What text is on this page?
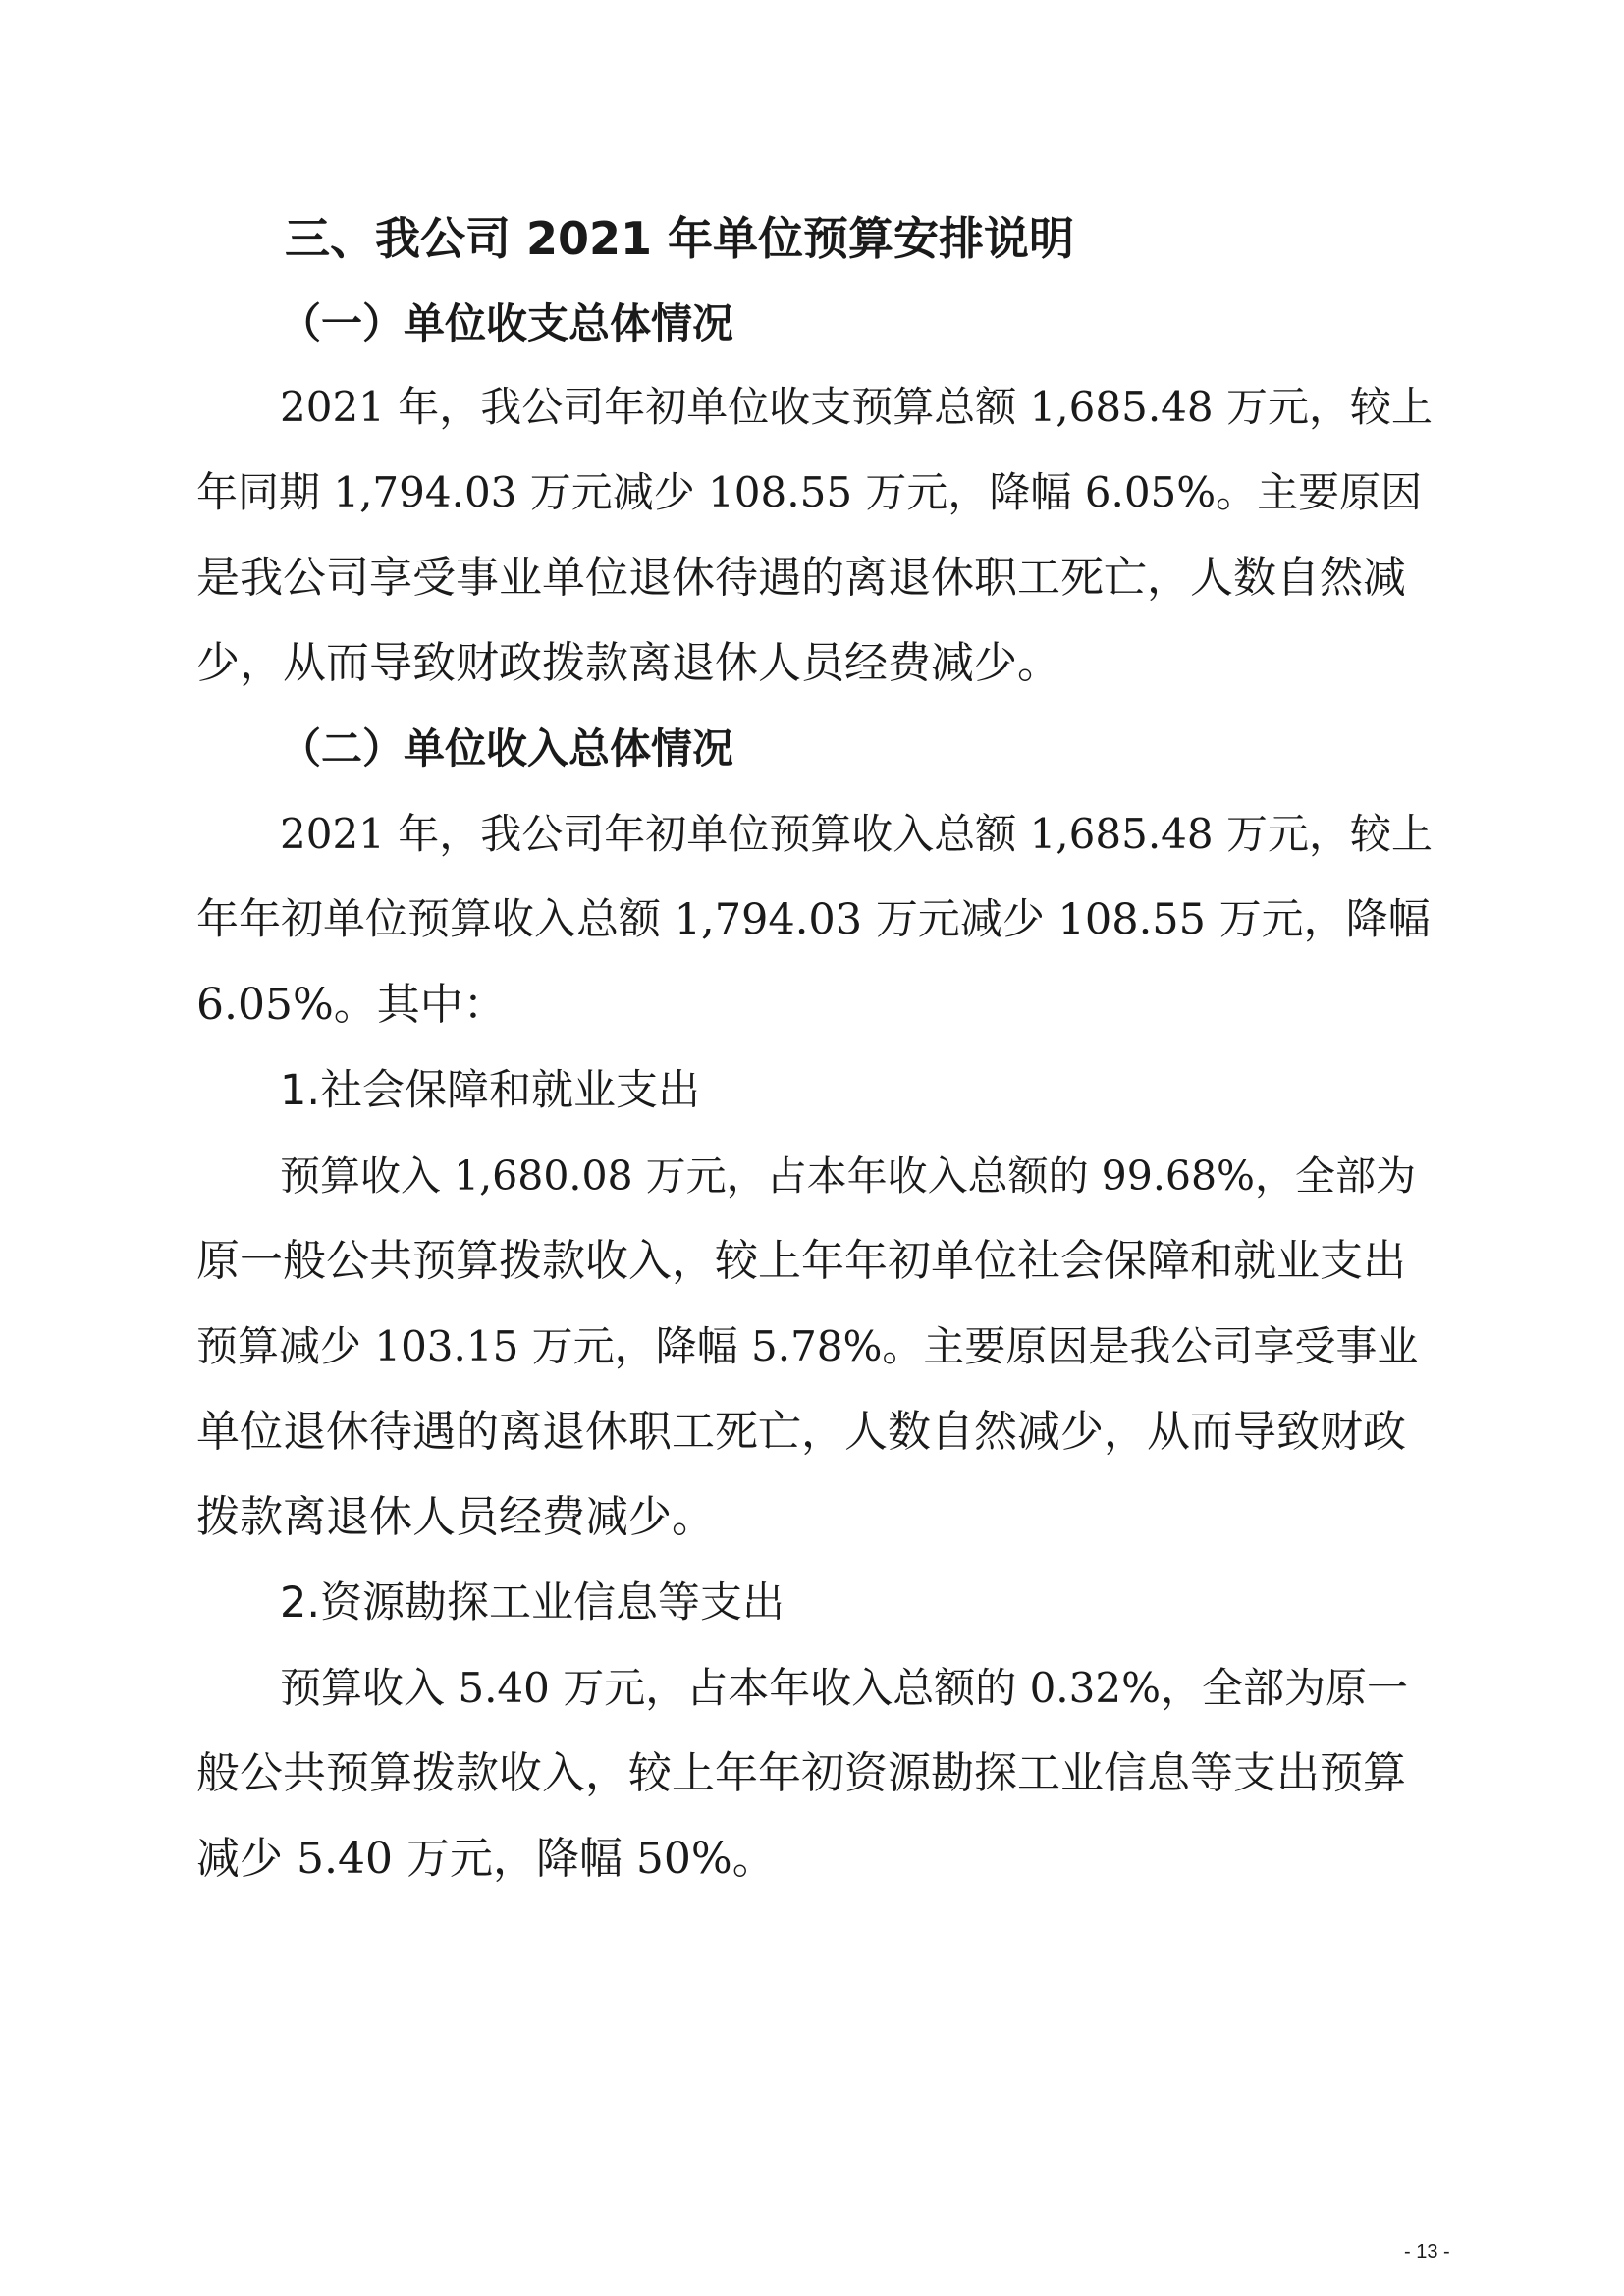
三、我公司 2021 年单位预算安排说明
（一）单位收支总体情况
2021 年，我公司年初单位收支预算总额 1,685.48 万元，较上
年同期 1,794.03 万元减少 108.55 万元，降幅 6.05%。主要原因
是我公司享受事业单位退休待遇的离退休职工死亡，人数自然减
少，从而导致财政拨款离退休人员经费减少。
（二）单位收入总体情况
2021 年，我公司年初单位预算收入总额 1,685.48 万元，较上
年年初单位预算收入总额 1,794.03 万元减少 108.55 万元，降幅
6.05%。其中：
1.社会保障和就业支出
预算收入 1,680.08 万元，占本年收入总额的 99.68%，全部为
原一般公共预算拨款收入，较上年年初单位社会保障和就业支出
预算减少 103.15 万元，降幅 5.78%。主要原因是我公司享受事业
单位退休待遇的离退休职工死亡，人数自然减少，从而导致财政
拨款离退休人员经费减少。
2.资源勘探工业信息等支出
预算收入 5.40 万元，占本年收入总额的 0.32%，全部为原一
般公共预算拨款收入，较上年年初资源勘探工业信息等支出预算
减少 5.40 万元，降幅 50%。
- 13 -
